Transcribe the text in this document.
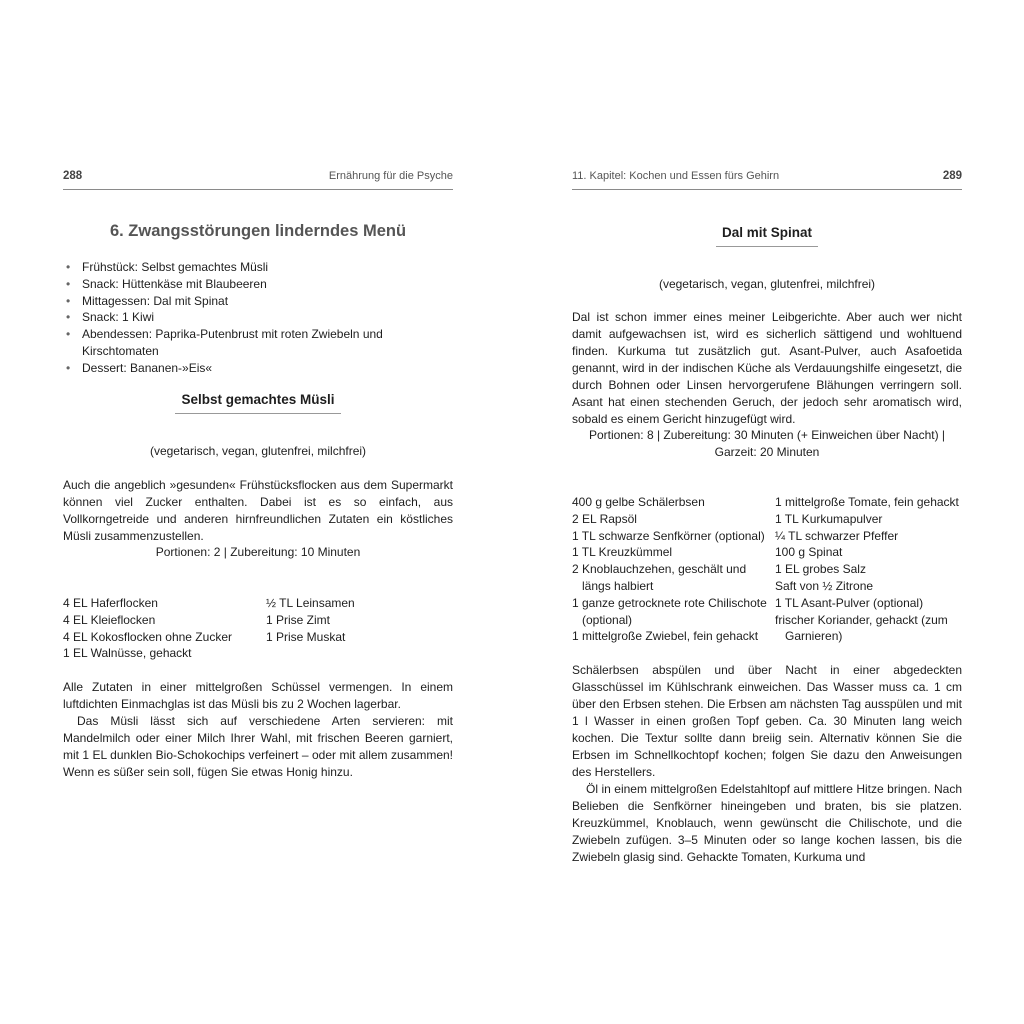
288	Ernährung für die Psyche
6. Zwangsstörungen linderndes Menü
• Frühstück: Selbst gemachtes Müsli
• Snack: Hüttenkäse mit Blaubeeren
• Mittagessen: Dal mit Spinat
• Snack: 1 Kiwi
• Abendessen: Paprika-Putenbrust mit roten Zwiebeln und Kirschtomaten
• Dessert: Bananen-»Eis«
Selbst gemachtes Müsli
(vegetarisch, vegan, glutenfrei, milchfrei)

Auch die angeblich »gesunden« Frühstücksflocken aus dem Supermarkt können viel Zucker enthalten. Dabei ist es so einfach, aus Vollkorngetreide und anderen hirnfreundlichen Zutaten ein köstliches Müsli zusammenzustellen.

Portionen: 2 | Zubereitung: 10 Minuten
4 EL Haferflocken
4 EL Kleieflocken
4 EL Kokosflocken ohne Zucker
1 EL Walnüsse, gehackt
½ TL Leinsamen
1 Prise Zimt
1 Prise Muskat

Alle Zutaten in einer mittelgroßen Schüssel vermengen. In einem luftdichten Einmachglas ist das Müsli bis zu 2 Wochen lagerbar.

Das Müsli lässt sich auf verschiedene Arten servieren: mit Mandelmilch oder einer Milch Ihrer Wahl, mit frischen Beeren garniert, mit 1 EL dunklen Bio-Schokochips verfeinert – oder mit allem zusammen! Wenn es süßer sein soll, fügen Sie etwas Honig hinzu.

11. Kapitel: Kochen und Essen fürs Gehirn	289
Dal mit Spinat
(vegetarisch, vegan, glutenfrei, milchfrei)

Dal ist schon immer eines meiner Leibgerichte. Aber auch wer nicht damit aufgewachsen ist, wird es sicherlich sättigend und wohltuend finden. Kurkuma tut zusätzlich gut. Asant-Pulver, auch Asafoetida genannt, wird in der indischen Küche als Verdauungshilfe eingesetzt, die durch Bohnen oder Linsen hervorgerufene Blähungen verringern soll. Asant hat einen stechenden Geruch, der jedoch sehr aromatisch wird, sobald es einem Gericht hinzugefügt wird.

Portionen: 8 | Zubereitung: 30 Minuten (+ Einweichen über Nacht) |
Garzeit: 20 Minuten
400 g gelbe Schälerbsen
2 EL Rapsöl
1 TL schwarze Senfkörner (optional)
1 TL Kreuzkümmel
2 Knoblauchzehen, geschält und längs halbiert
1 ganze getrocknete rote Chilischote (optional)
1 mittelgroße Zwiebel, fein gehackt
1 mittelgroße Tomate, fein gehackt
1 TL Kurkumapulver
¼ TL schwarzer Pfeffer
100 g Spinat
1 EL grobes Salz
Saft von ½ Zitrone
1 TL Asant-Pulver (optional)
frischer Koriander, gehackt (zum Garnieren)

Schälerbsen abspülen und über Nacht in einer abgedeckten Glasschüssel im Kühlschrank einweichen. Das Wasser muss ca. 1 cm über den Erbsen stehen. Die Erbsen am nächsten Tag ausspülen und mit 1 l Wasser in einen großen Topf geben. Ca. 30 Minuten lang weich kochen. Die Textur sollte dann breiig sein. Alternativ können Sie die Erbsen im Schnellkochtopf kochen; folgen Sie dazu den Anweisungen des Herstellers.

Öl in einem mittelgroßen Edelstahltopf auf mittlere Hitze bringen. Nach Belieben die Senfkörner hineingeben und braten, bis sie platzen. Kreuzkümmel, Knoblauch, wenn gewünscht die Chilischote, und die Zwiebeln zufügen. 3–5 Minuten oder so lange kochen lassen, bis die Zwiebeln glasig sind. Gehackte Tomaten, Kurkuma und
